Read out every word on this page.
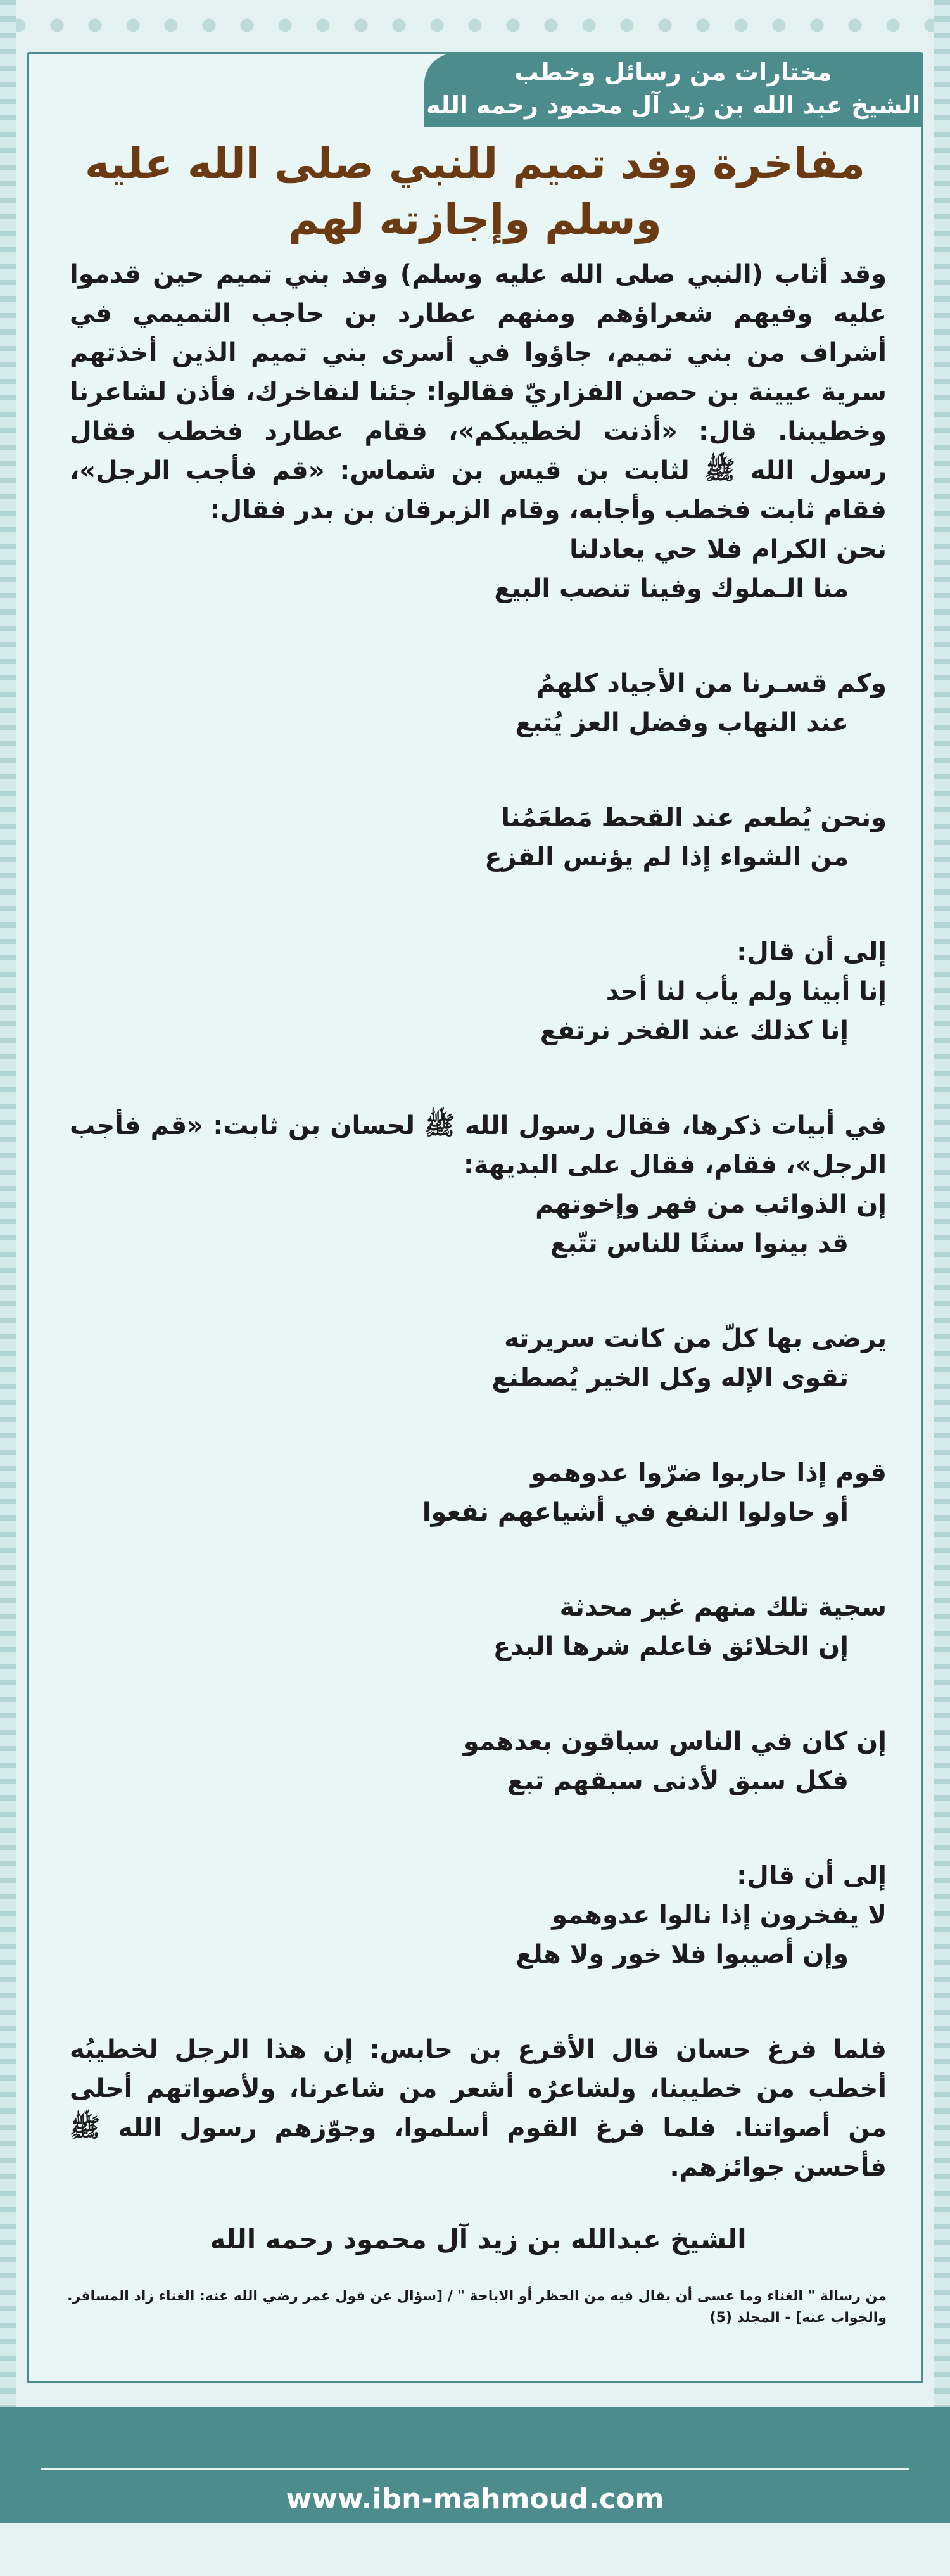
مختارات من رسائل وخطب
الشيخ عبد الله بن زيد آل محمود رحمه الله
مفاخرة وفد تميم للنبي صلى الله عليه وسلم وإجازته لهم

وقد أثاب (النبي صلى الله عليه وسلم) وفد بني تميم حين قدموا عليه وفيهم شعراؤهم ومنهم عطارد بن حاجب التميمي في أشراف من بني تميم، جاؤوا في أسرى بني تميم الذين أخذتهم سرية عيينة بن حصن الفزاريّ فقالوا: جئنا لنفاخرك، فأذن لشاعرنا وخطيبنا. قال: «أذنت لخطيبكم»، فقام عطارد فخطب فقال رسول الله ﷺ لثابت بن قيس بن شماس: «قم فأجب الرجل»، فقام ثابت فخطب وأجابه، وقام الزبرقان بن بدر فقال:

نحن الكرام فلا حي يعادلنا

منا الـملوك وفينا تنصب البيع

وكم قسـرنا من الأجياد كلهمُ

عند النهاب وفضل العز يُتبع

ونحن يُطعم عند القحط مَطعَمُنا

من الشواء إذا لم يؤنس القزع

إلى أن قال:

إنا أبينا ولم يأب لنا أحد

إنا كذلك عند الفخر نرتفع

في أبيات ذكرها، فقال رسول الله ﷺ لحسان بن ثابت: «قم فأجب الرجل»، فقام، فقال على البديهة:

إن الذوائب من فهر وإخوتهم

قد بينوا سننًا للناس تتّبع

يرضى بها كلّ من كانت سريرته

تقوى الإله وكل الخير يُصطنع

قوم إذا حاربوا ضرّوا عدوهمو

أو حاولوا النفع في أشياعهم نفعوا

سجية تلك منهم غير محدثة

إن الخلائق فاعلم شرها البدع

إن كان في الناس سباقون بعدهمو

فكل سبق لأدنى سبقهم تبع

إلى أن قال:

لا يفخرون إذا نالوا عدوهمو

وإن أصيبوا فلا خور ولا هلع

فلما فرغ حسان قال الأقرع بن حابس: إن هذا الرجل لخطيبُه أخطب من خطيبنا، ولشاعرُه أشعر من شاعرنا، ولأصواتهم أحلى من أصواتنا. فلما فرغ القوم أسلموا، وجوّزهم رسول الله ﷺ فأحسن جوائزهم.

الشيخ عبدالله بن زيد آل محمود رحمه الله

من رسالة " الغناء وما عسى أن يقال فيه من الحظر أو الاباحة " / [سؤال عن قول عمر رضي الله عنه: الغناء زاد المسافر. والجواب عنه] - المجلد (5)

www.ibn-mahmoud.com
